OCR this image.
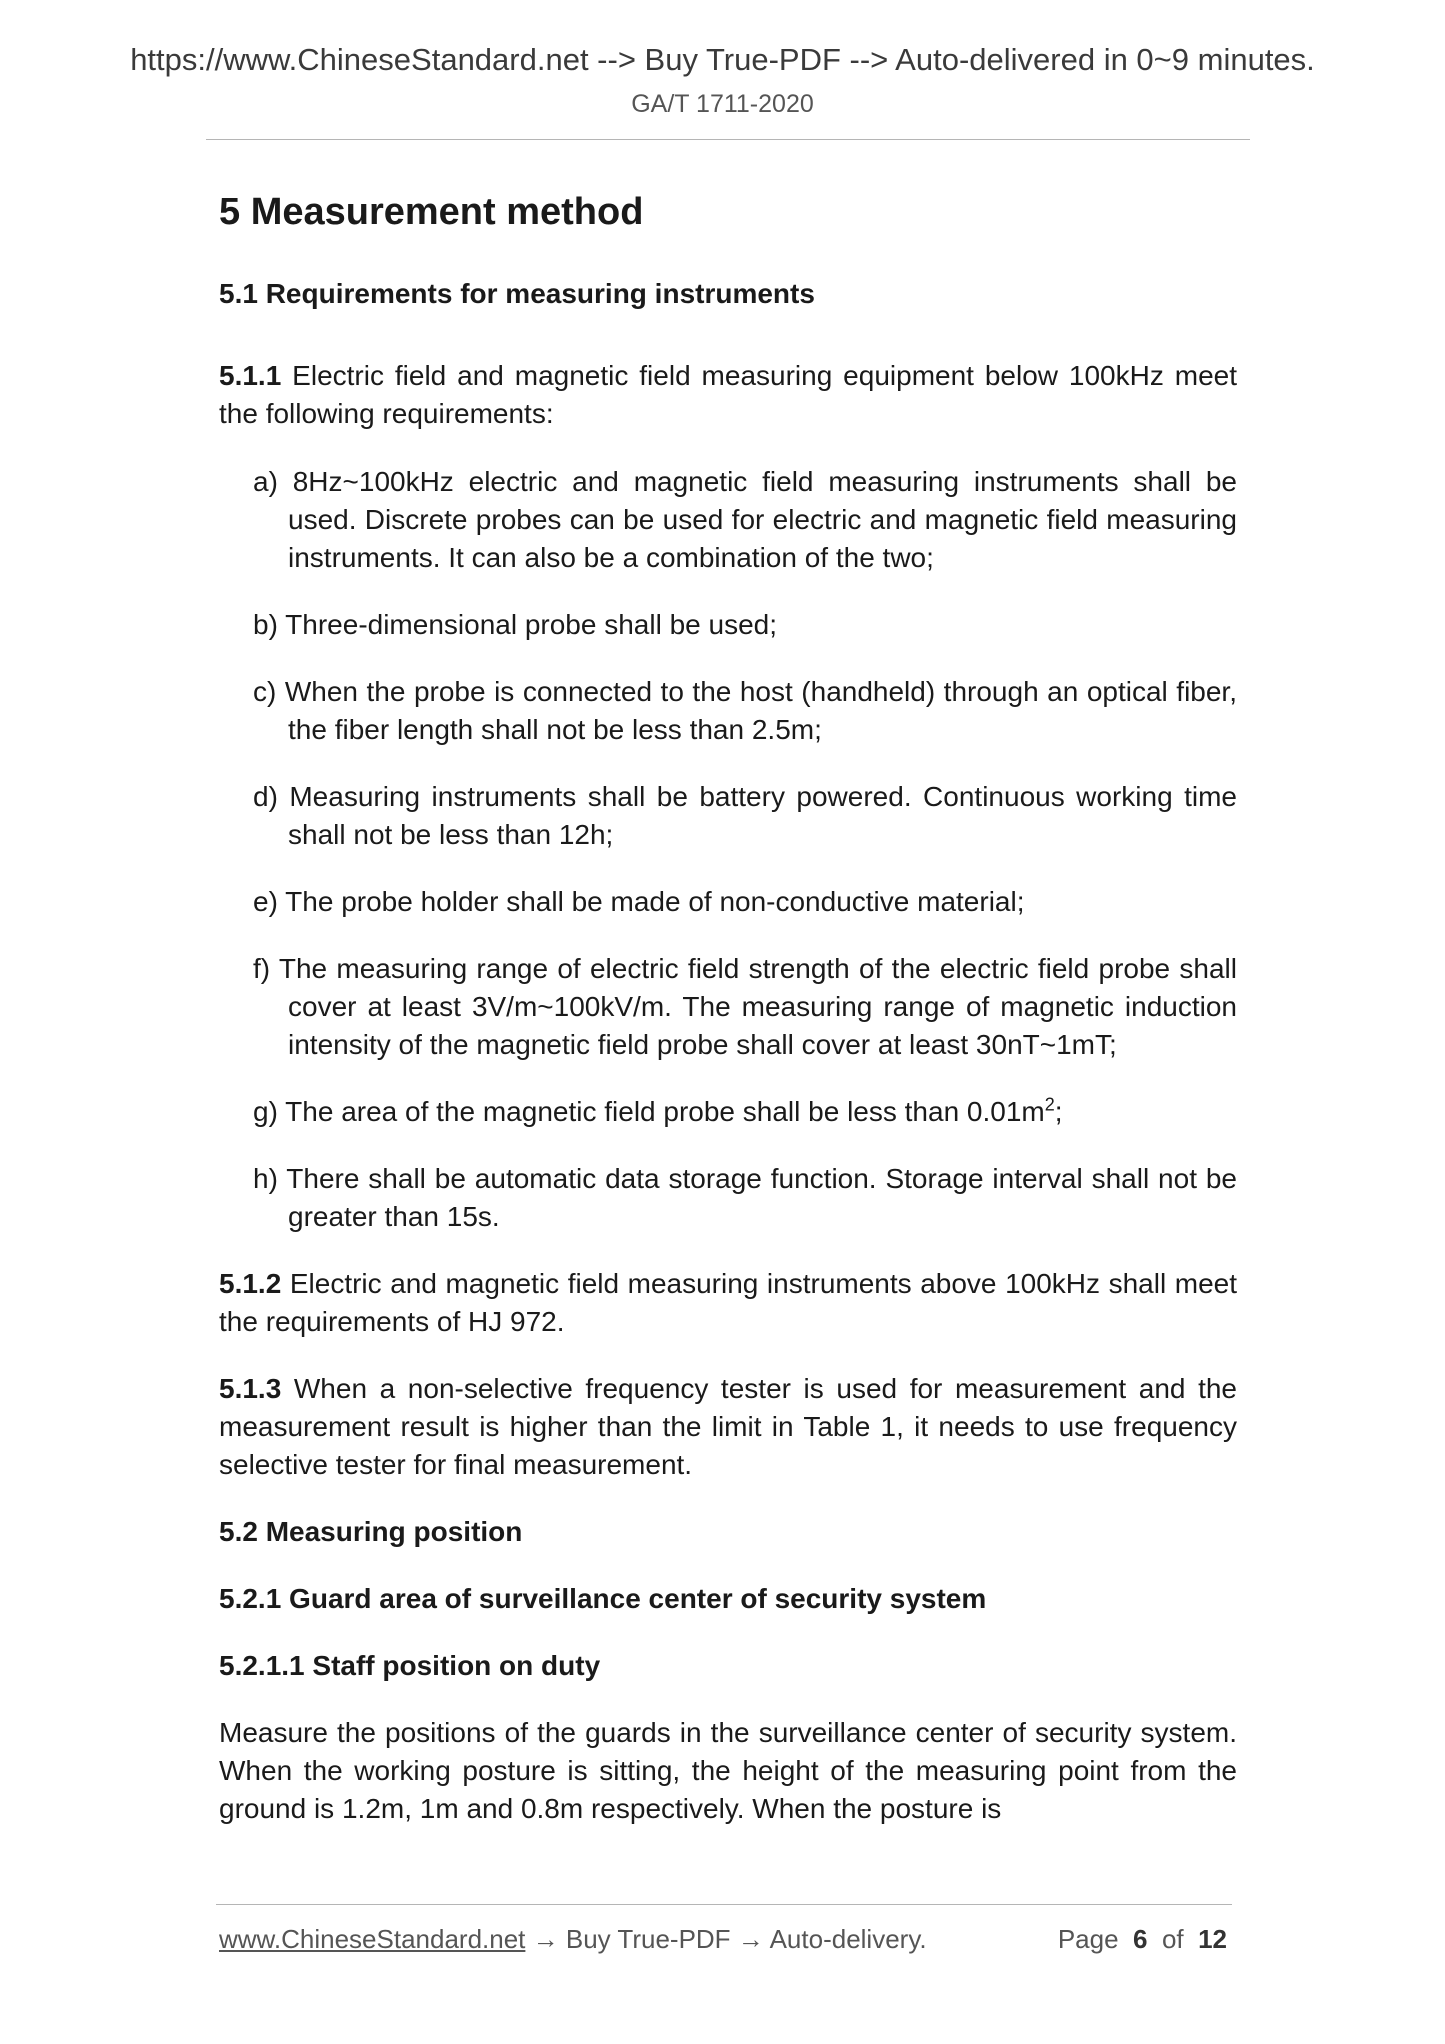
https://www.ChineseStandard.net --> Buy True-PDF --> Auto-delivered in 0~9 minutes.
GA/T 1711-2020
5 Measurement method
5.1 Requirements for measuring instruments

5.1.1 Electric field and magnetic field measuring equipment below 100kHz meet the following requirements:

a) 8Hz~100kHz electric and magnetic field measuring instruments shall be used. Discrete probes can be used for electric and magnetic field measuring instruments. It can also be a combination of the two;

b) Three-dimensional probe shall be used;

c) When the probe is connected to the host (handheld) through an optical fiber, the fiber length shall not be less than 2.5m;

d) Measuring instruments shall be battery powered. Continuous working time shall not be less than 12h;

e) The probe holder shall be made of non-conductive material;

f) The measuring range of electric field strength of the electric field probe shall cover at least 3V/m~100kV/m. The measuring range of magnetic induction intensity of the magnetic field probe shall cover at least 30nT~1mT;

g) The area of the magnetic field probe shall be less than $0.01m^2$;

h) There shall be automatic data storage function. Storage interval shall not be greater than 15s.

5.1.2 Electric and magnetic field measuring instruments above 100kHz shall meet the requirements of HJ 972.

5.1.3 When a non-selective frequency tester is used for measurement and the measurement result is higher than the limit in Table 1, it needs to use frequency selective tester for final measurement.

5.2 Measuring position
5.2.1 Guard area of surveillance center of security system
5.2.1.1 Staff position on duty

Measure the positions of the guards in the surveillance center of security system. When the working posture is sitting, the height of the measuring point from the ground is 1.2m, 1m and 0.8m respectively. When the posture is

www.ChineseStandard.net → Buy True-PDF → Auto-delivery.	Page 6 of 12
